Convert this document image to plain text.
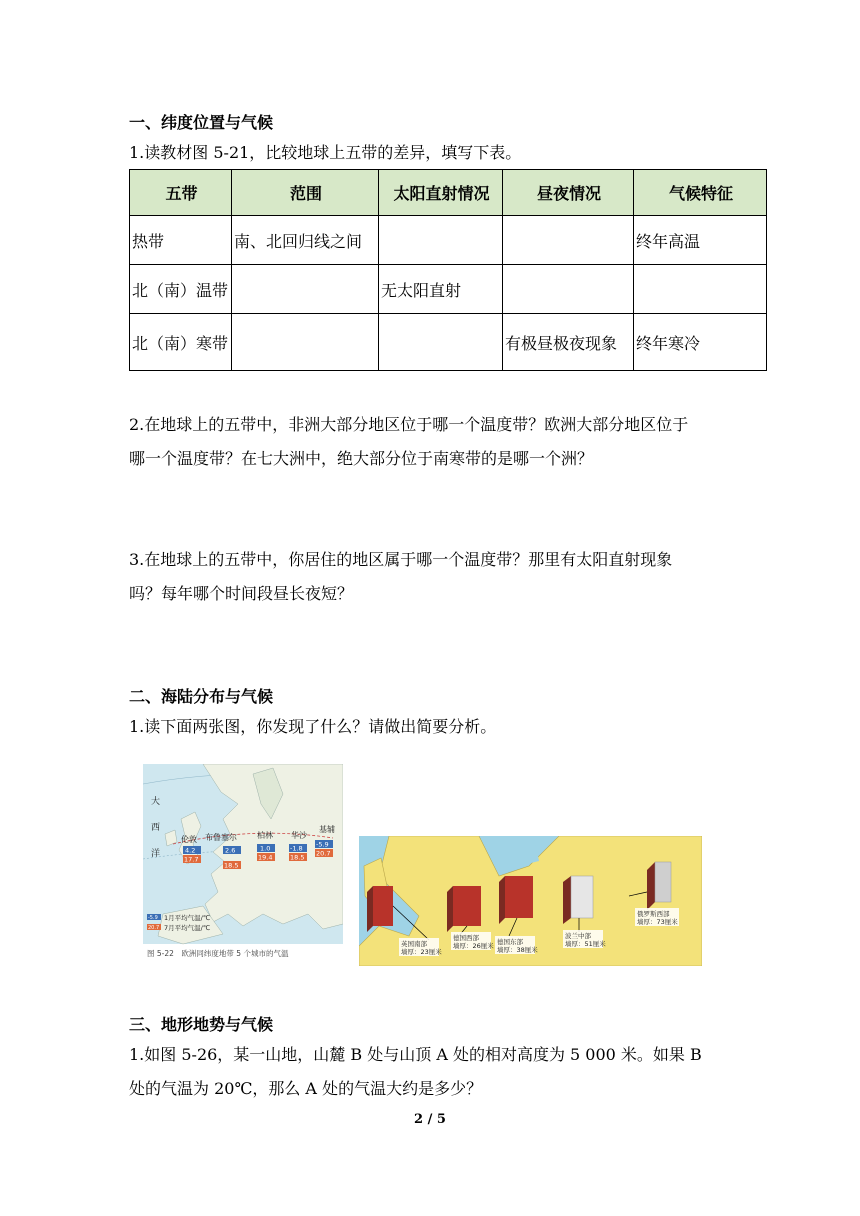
一、纬度位置与气候
1.读教材图 5-21，比较地球上五带的差异，填写下表。
五带	范围	太阳直射情况	昼夜情况	气候特征
热带	南、北回归线之间			终年高温
北（南）温带		无太阳直射		
北（南）寒带			有极昼极夜现象	终年寒冷
2.在地球上的五带中，非洲大部分地区位于哪一个温度带？欧洲大部分地区位于
哪一个温度带？在七大洲中，绝大部分位于南寒带的是哪一个洲？
3.在地球上的五带中，你居住的地区属于哪一个温度带？那里有太阳直射现象
吗？每年哪个时间段昼长夜短？
二、海陆分布与气候
1.读下面两张图，你发现了什么？请做出简要分析。
大
西
洋
伦敦
4.2
17.7
布鲁塞尔
2.6
18.5
柏林
1.0
19.4
华沙
-1.8
18.5
基辅
-5.9
20.7
-5.9 1月平均气温/℃
20.7 7月平均气温/℃
图 5-22　欧洲同纬度地带 5 个城市的气温
英国南部
墙厚：23厘米
德国西部
墙厚：26厘米 德国东部
墙厚：38厘米
波兰中部
墙厚：51厘米
俄罗斯西部
墙厚：73厘米
三、地形地势与气候
1.如图 5-26，某一山地，山麓 B 处与山顶 A 处的相对高度为 5 000 米。如果 B
处的气温为 20℃，那么 A 处的气温大约是多少？
2 / 5
